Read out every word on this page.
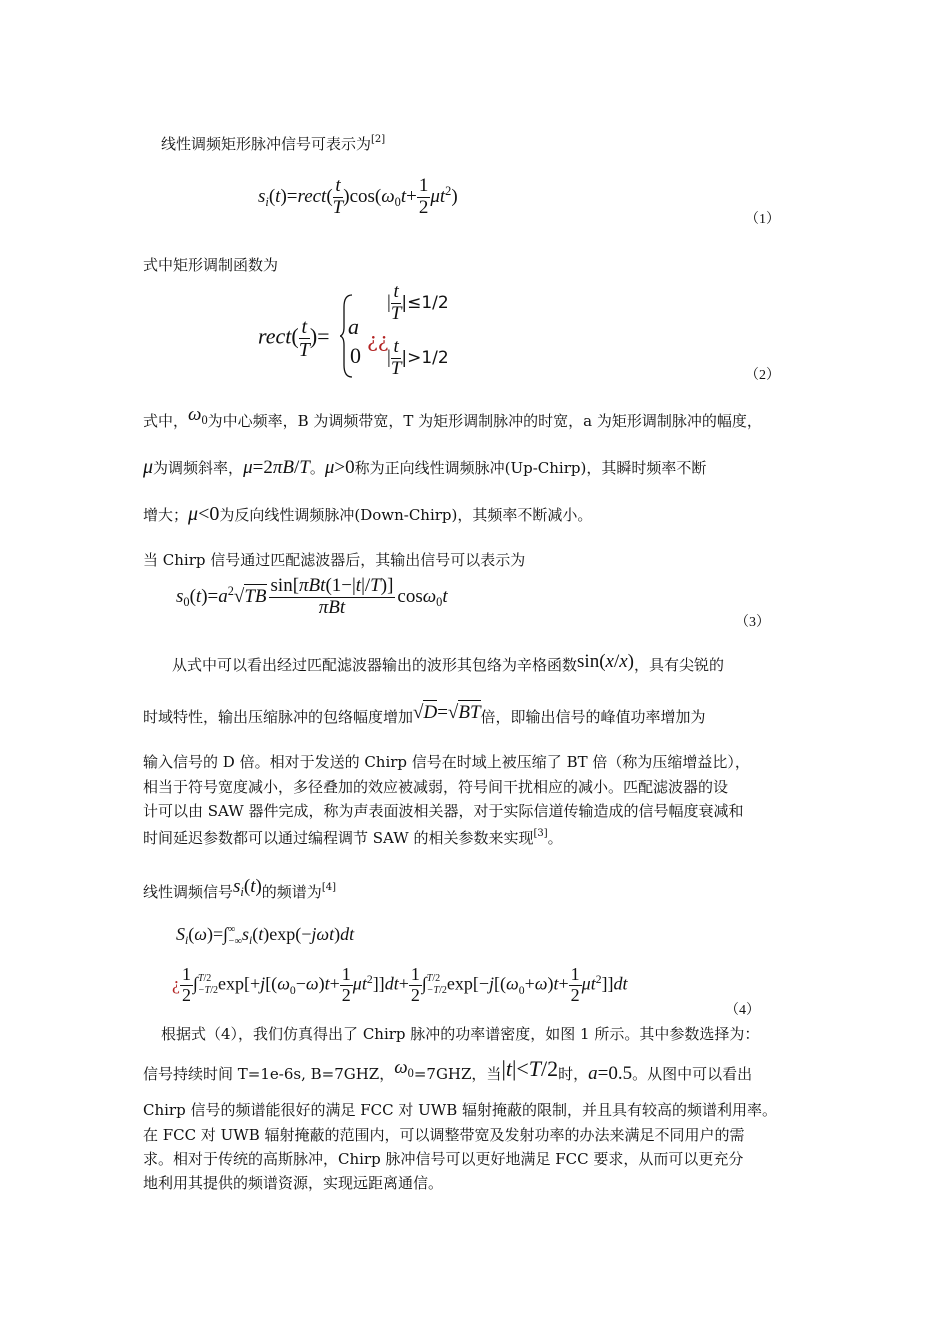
线性调频矩形脉冲信号可表示为[2]
$s_i(t)=rect( \frac{t}{T} )\cos(\omega_0t+ \frac{1}{2} \mu t^2)$
（1）
式中矩形调制函数为
rect( $\frac{t}{T}$ )= a
0
¿¿
| $\frac{t}{T} |\le 1/2$
| $\frac{t}{T} |>1/2$
（2）
式中，$\omega_0$为中心频率，B 为调频带宽，T 为矩形调制脉冲的时宽，a 为矩形调制脉冲的幅度，
μ为调频斜率，μ=2πB/T。μ>0称为正向线性调频脉冲(Up-Chirp)，其瞬时频率不断
增大；μ<0为反向线性调频脉冲(Down-Chirp)，其频率不断减小。
当 Chirp 信号通过匹配滤波器后，其输出信号可以表示为
$s_0(t)=a^2√TB \frac{\text{sin[πBt(1−|t|/T)]}}{\text{πBt}} \cos\omega_0t$
（3）
从式中可以看出经过匹配滤波器输出的波形其包络为辛格函数sin(x/x)，具有尖锐的
时域特性，输出压缩脉冲的包络幅度增加√D=√BT倍，即输出信号的峰值功率增加为
输入信号的 D 倍。相对于发送的 Chirp 信号在时域上被压缩了 BT 倍（称为压缩增益比），
相当于符号宽度减小，多径叠加的效应被减弱，符号间干扰相应的减小。匹配滤波器的设
计可以由 SAW 器件完成，称为声表面波相关器，对于实际信道传输造成的信号幅度衰减和
时间延迟参数都可以通过编程调节 SAW 的相关参数来实现[3]。
线性调频信号$s_i(t)$的频谱为[4]
$S_i(\omega)=\int$ ∞
−∞ $s_i(t)\exp(-j\omega t)dt$
¿ $\frac{1}{2}$ ∫ T/2
−T/2 $\exp[+j[(\omega_0-\omega)t+ \frac{1}{2} \mu t^2]]dt+ \frac{1}{2}$ ∫ T/2
−T/2 $\exp[-j[(\omega_0+\omega)t+ \frac{1}{2} \mu t^2]]dt$
（4）
根据式（4），我们仿真得出了 Chirp 脉冲的功率谱密度，如图 1 所示。其中参数选择为：
信号持续时间 T=1e-6s, B=7GHZ，$\omega_0=7GHZ$，当|t|<T/2时，a=0.5。从图中可以看出
Chirp 信号的频谱能很好的满足 FCC 对 UWB 辐射掩蔽的限制，并且具有较高的频谱利用率。
在 FCC 对 UWB 辐射掩蔽的范围内，可以调整带宽及发射功率的办法来满足不同用户的需
求。相对于传统的高斯脉冲，Chirp 脉冲信号可以更好地满足 FCC 要求，从而可以更充分
地利用其提供的频谱资源，实现远距离通信。
